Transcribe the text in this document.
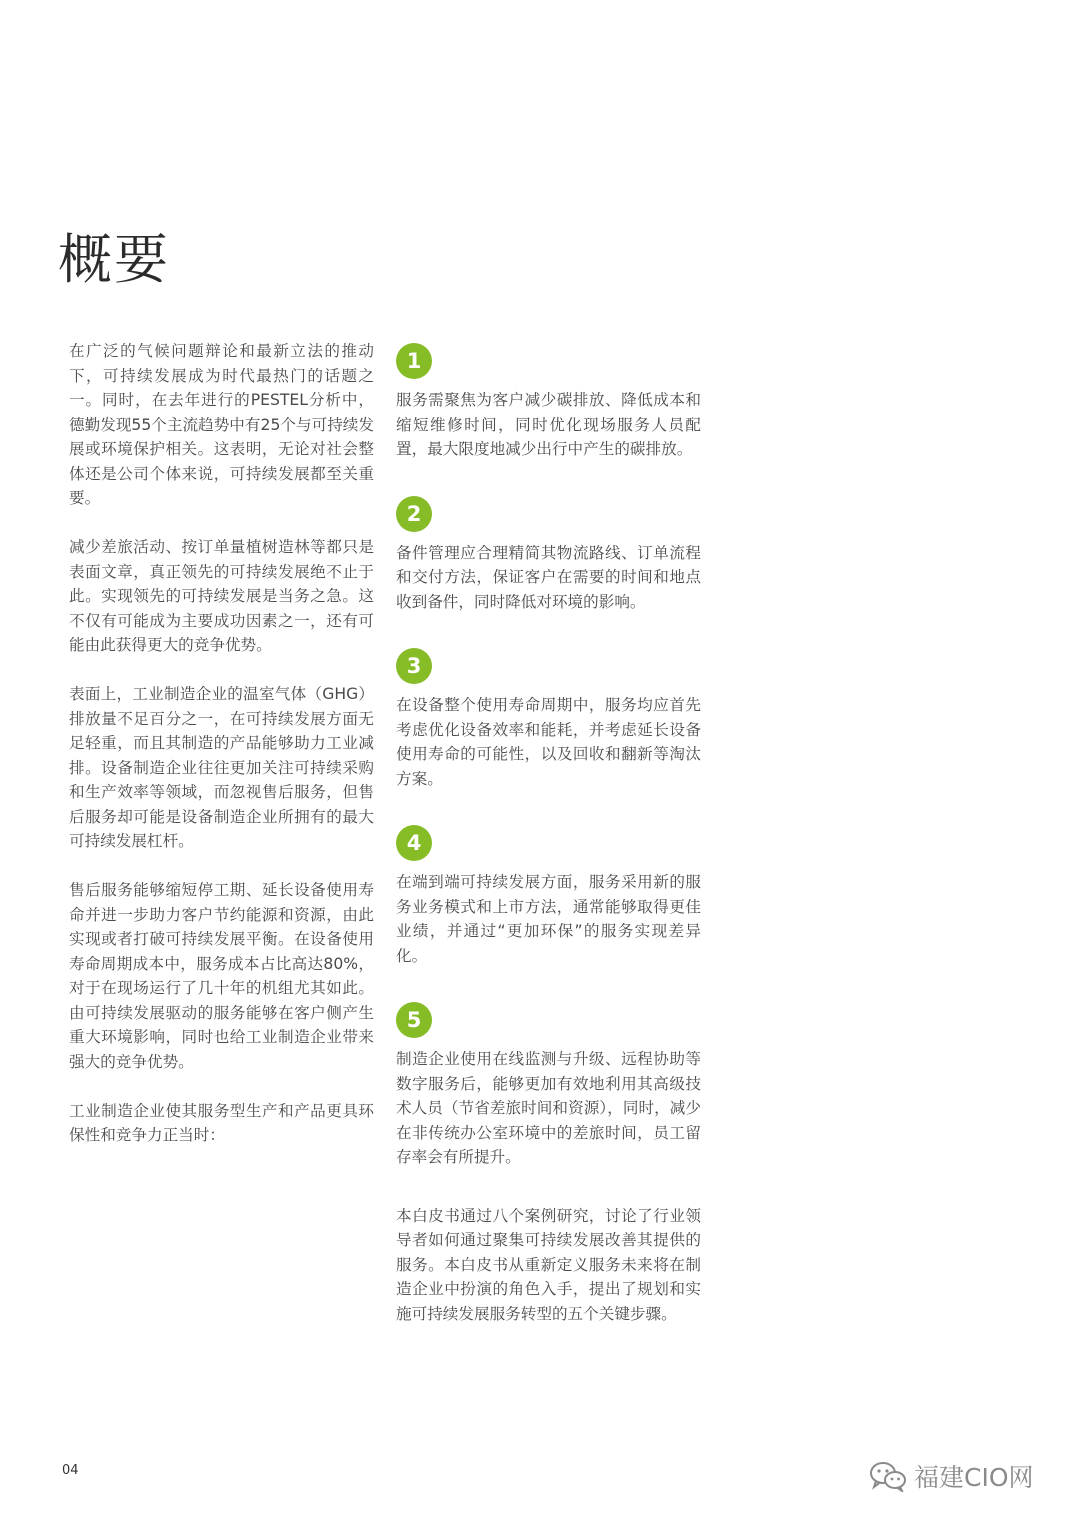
概要

在广泛的气候问题辩论和最新立法的推动下，可持续发展成为时代最热门的话题之一。同时，在去年进行的PESTEL分析中，德勤发现55个主流趋势中有25个与可持续发展或环境保护相关。这表明，无论对社会整体还是公司个体来说，可持续发展都至关重要。

减少差旅活动、按订单量植树造林等都只是表面文章，真正领先的可持续发展绝不止于此。实现领先的可持续发展是当务之急。这不仅有可能成为主要成功因素之一，还有可能由此获得更大的竞争优势。

表面上，工业制造企业的温室气体（GHG）排放量不足百分之一，在可持续发展方面无足轻重，而且其制造的产品能够助力工业减排。设备制造企业往往更加关注可持续采购和生产效率等领域，而忽视售后服务，但售后服务却可能是设备制造企业所拥有的最大可持续发展杠杆。

售后服务能够缩短停工期、延长设备使用寿命并进一步助力客户节约能源和资源，由此实现或者打破可持续发展平衡。在设备使用寿命周期成本中，服务成本占比高达80%，对于在现场运行了几十年的机组尤其如此。由可持续发展驱动的服务能够在客户侧产生重大环境影响，同时也给工业制造企业带来强大的竞争优势。

工业制造企业使其服务型生产和产品更具环保性和竞争力正当时：

1

服务需聚焦为客户减少碳排放、降低成本和缩短维修时间，同时优化现场服务人员配置，最大限度地减少出行中产生的碳排放。

2

备件管理应合理精简其物流路线、订单流程和交付方法，保证客户在需要的时间和地点收到备件，同时降低对环境的影响。

3

在设备整个使用寿命周期中，服务均应首先考虑优化设备效率和能耗，并考虑延长设备使用寿命的可能性，以及回收和翻新等淘汰方案。

4

在端到端可持续发展方面，服务采用新的服务业务模式和上市方法，通常能够取得更佳业绩，并通过“更加环保”的服务实现差异化。

5

制造企业使用在线监测与升级、远程协助等数字服务后，能够更加有效地利用其高级技术人员（节省差旅时间和资源），同时，减少在非传统办公室环境中的差旅时间，员工留存率会有所提升。

本白皮书通过八个案例研究，讨论了行业领导者如何通过聚集可持续发展改善其提供的服务。本白皮书从重新定义服务未来将在制造企业中扮演的角色入手，提出了规划和实施可持续发展服务转型的五个关键步骤。

04	福建CIO网
